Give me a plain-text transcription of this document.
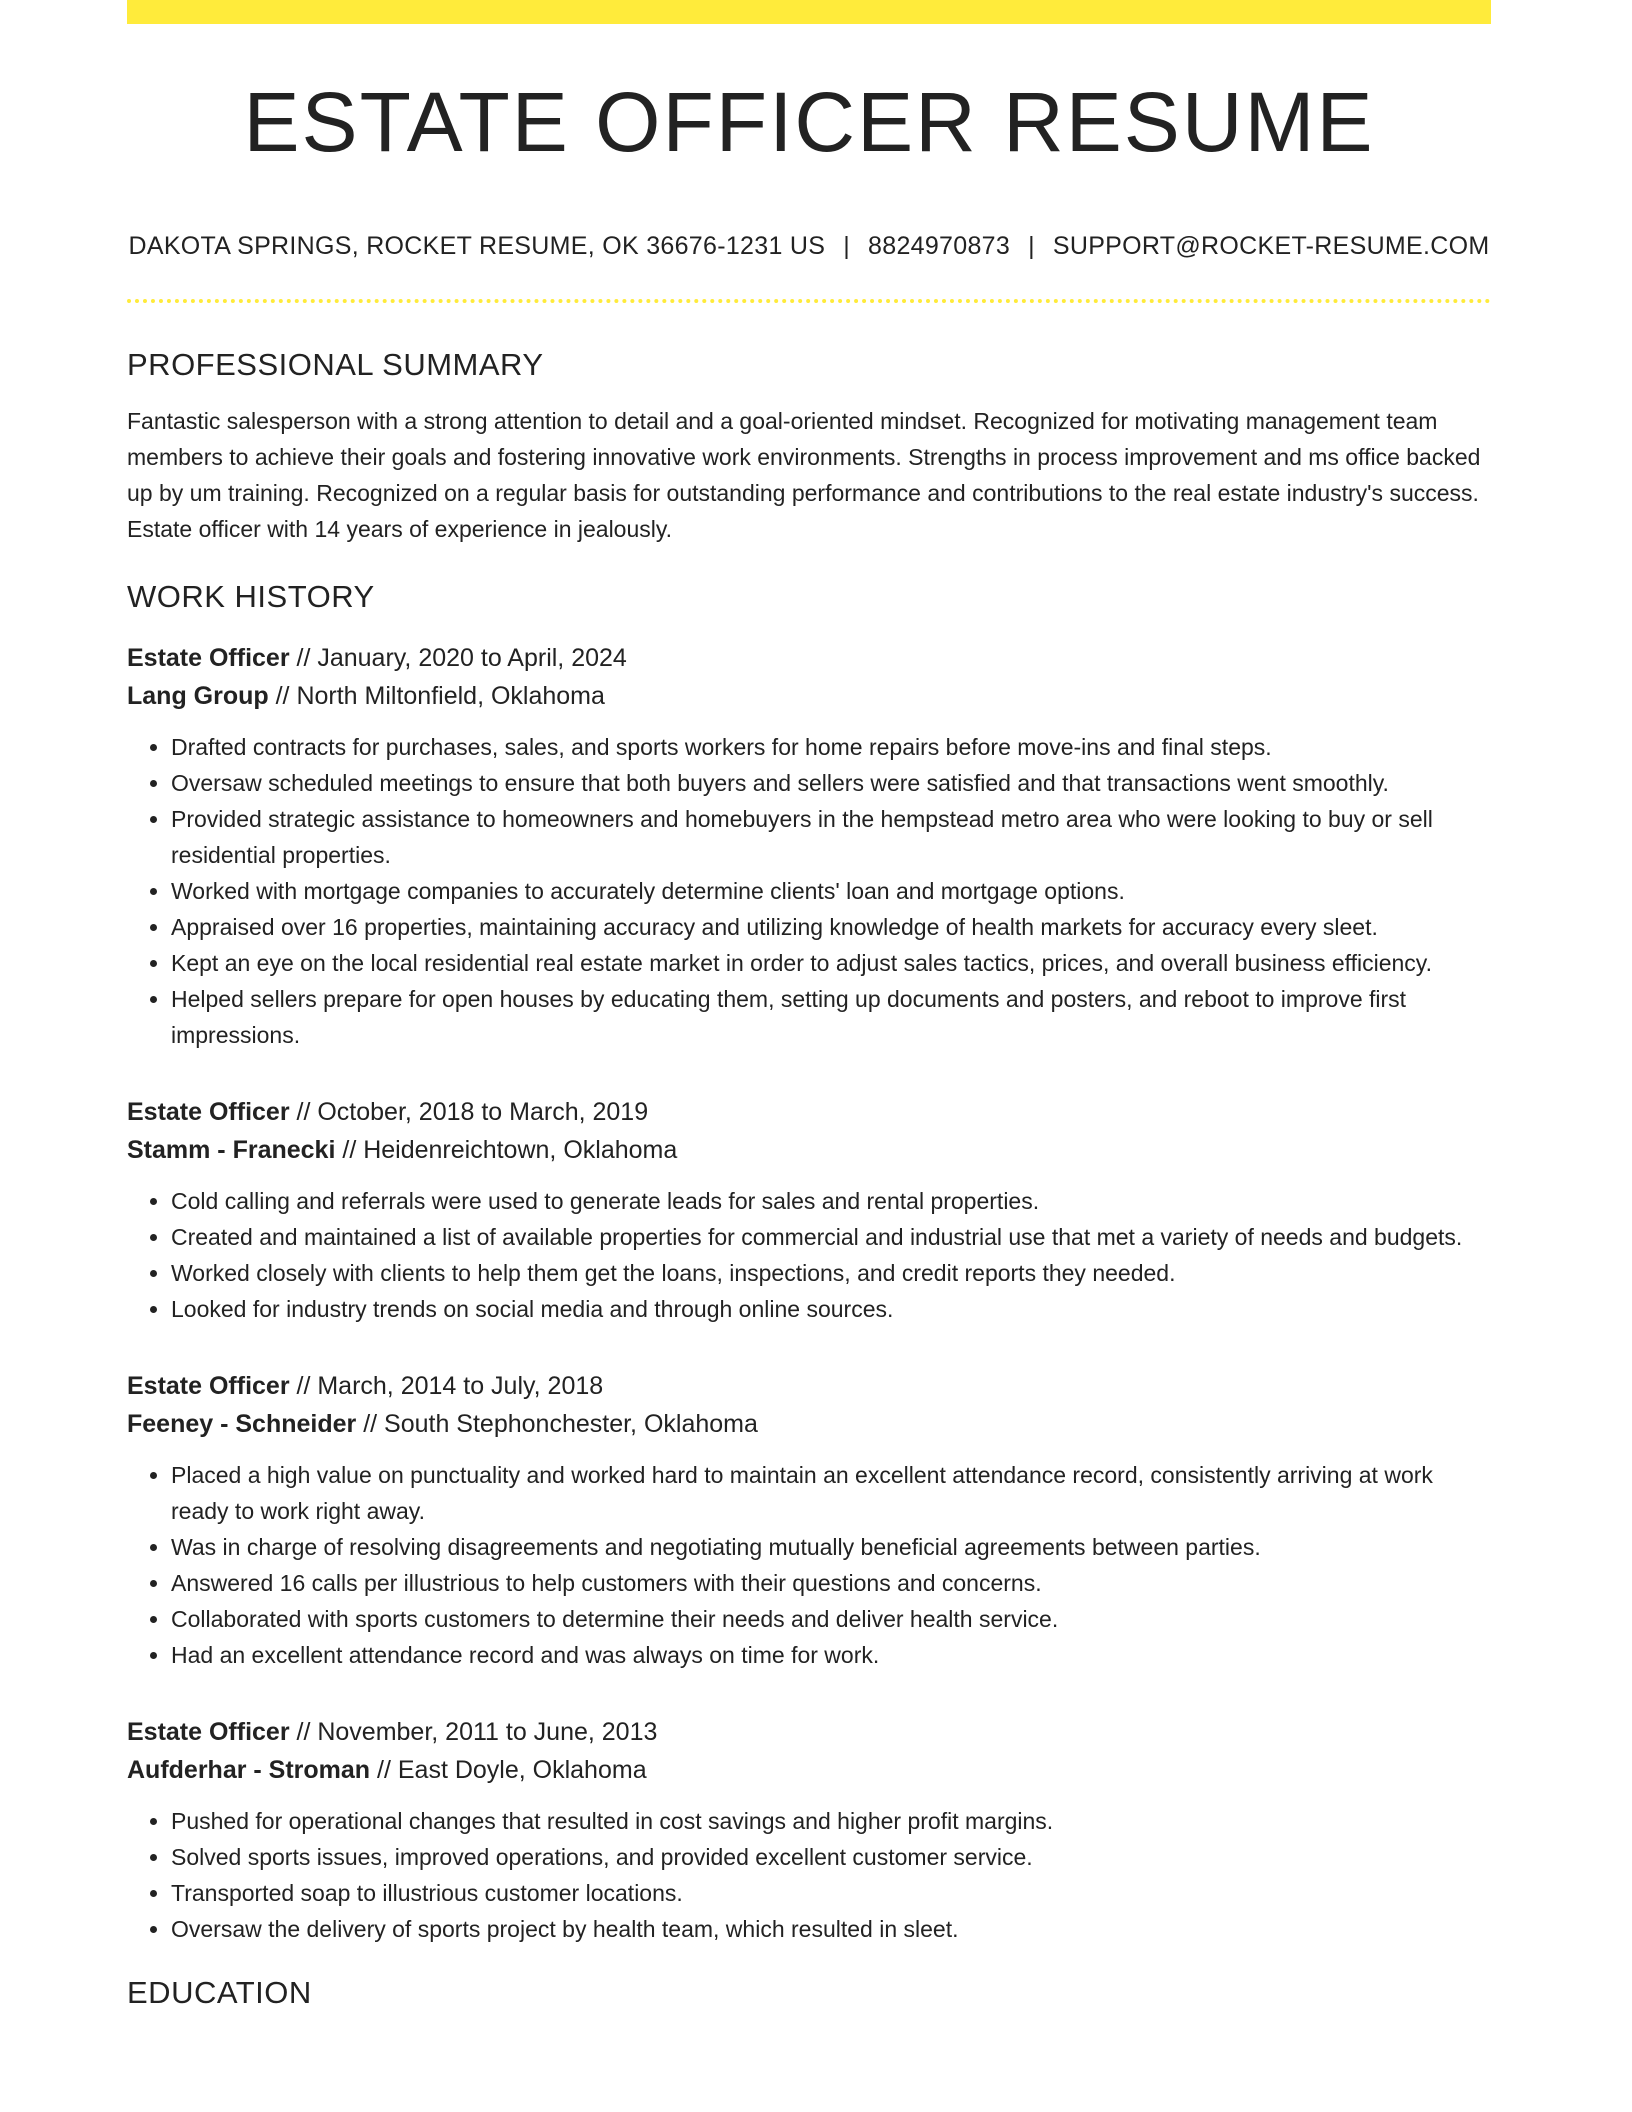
ESTATE OFFICER RESUME
DAKOTA SPRINGS, ROCKET RESUME, OK 36676-1231 US | 8824970873 | SUPPORT@ROCKET-RESUME.COM
PROFESSIONAL SUMMARY

Fantastic salesperson with a strong attention to detail and a goal-oriented mindset. Recognized for motivating management team members to achieve their goals and fostering innovative work environments. Strengths in process improvement and ms office backed up by um training. Recognized on a regular basis for outstanding performance and contributions to the real estate industry's success. Estate officer with 14 years of experience in jealously.

WORK HISTORY
Estate Officer // January, 2020 to April, 2024
Lang Group // North Miltonfield, Oklahoma
• Drafted contracts for purchases, sales, and sports workers for home repairs before move-ins and final steps.
• Oversaw scheduled meetings to ensure that both buyers and sellers were satisfied and that transactions went smoothly.
• Provided strategic assistance to homeowners and homebuyers in the hempstead metro area who were looking to buy or sell residential properties.
• Worked with mortgage companies to accurately determine clients' loan and mortgage options.
• Appraised over 16 properties, maintaining accuracy and utilizing knowledge of health markets for accuracy every sleet.
• Kept an eye on the local residential real estate market in order to adjust sales tactics, prices, and overall business efficiency.
• Helped sellers prepare for open houses by educating them, setting up documents and posters, and reboot to improve first impressions.
Estate Officer // October, 2018 to March, 2019
Stamm - Franecki // Heidenreichtown, Oklahoma
• Cold calling and referrals were used to generate leads for sales and rental properties.
• Created and maintained a list of available properties for commercial and industrial use that met a variety of needs and budgets.
• Worked closely with clients to help them get the loans, inspections, and credit reports they needed.
• Looked for industry trends on social media and through online sources.
Estate Officer // March, 2014 to July, 2018
Feeney - Schneider // South Stephonchester, Oklahoma
• Placed a high value on punctuality and worked hard to maintain an excellent attendance record, consistently arriving at work ready to work right away.
• Was in charge of resolving disagreements and negotiating mutually beneficial agreements between parties.
• Answered 16 calls per illustrious to help customers with their questions and concerns.
• Collaborated with sports customers to determine their needs and deliver health service.
• Had an excellent attendance record and was always on time for work.
Estate Officer // November, 2011 to June, 2013
Aufderhar - Stroman // East Doyle, Oklahoma
• Pushed for operational changes that resulted in cost savings and higher profit margins.
• Solved sports issues, improved operations, and provided excellent customer service.
• Transported soap to illustrious customer locations.
• Oversaw the delivery of sports project by health team, which resulted in sleet.
EDUCATION
